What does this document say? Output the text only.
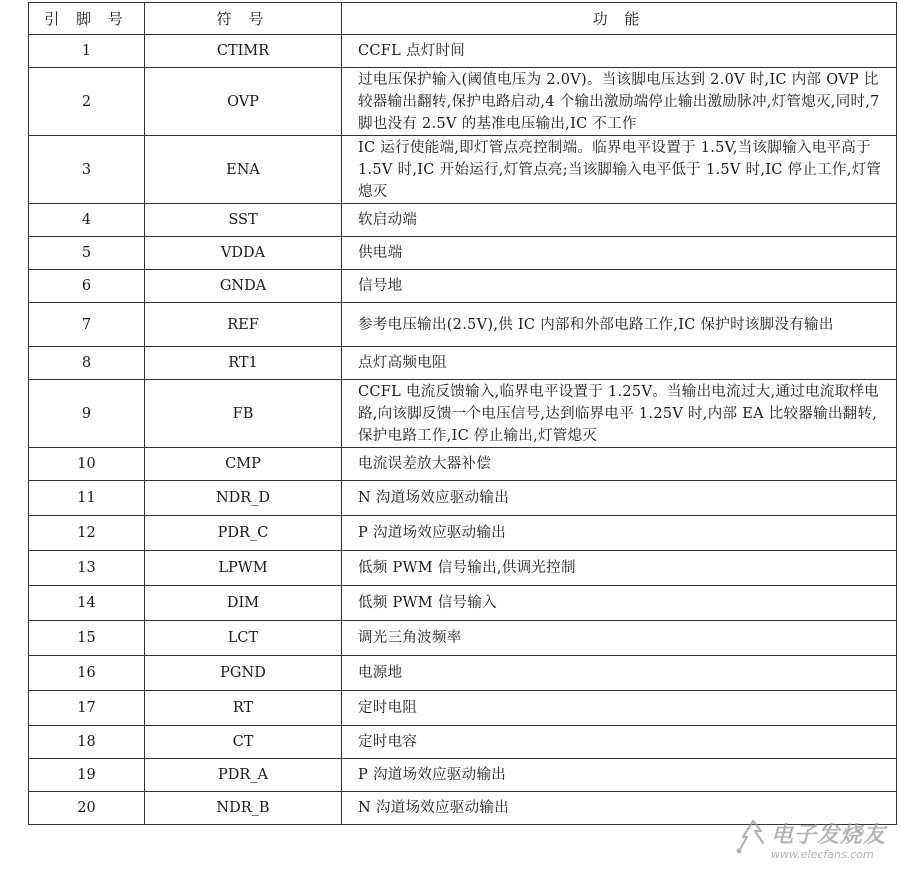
引 脚 号	符 号	功 能
1	CTIMR	CCFL 点灯时间
2	OVP	过电压保护输入(阈值电压为 2.0V)。当该脚电压达到 2.0V 时,IC 内部 OVP 比较器输出翻转,保护电路启动,4 个输出激励端停止输出激励脉冲,灯管熄灭,同时,7 脚也没有 2.5V 的基准电压输出,IC 不工作
3	ENA	IC 运行使能端,即灯管点亮控制端。临界电平设置于 1.5V,当该脚输入电平高于 1.5V 时,IC 开始运行,灯管点亮;当该脚输入电平低于 1.5V 时,IC 停止工作,灯管熄灭
4	SST	软启动端
5	VDDA	供电端
6	GNDA	信号地
7	REF	参考电压输出(2.5V),供 IC 内部和外部电路工作,IC 保护时该脚没有输出
8	RT1	点灯高频电阻
9	FB	CCFL 电流反馈输入,临界电平设置于 1.25V。当输出电流过大,通过电流取样电路,向该脚反馈一个电压信号,达到临界电平 1.25V 时,内部 EA 比较器输出翻转,保护电路工作,IC 停止输出,灯管熄灭
10	CMP	电流误差放大器补偿
11	NDR_D	N 沟道场效应驱动输出
12	PDR_C	P 沟道场效应驱动输出
13	LPWM	低频 PWM 信号输出,供调光控制
14	DIM	低频 PWM 信号输入
15	LCT	调光三角波频率
16	PGND	电源地
17	RT	定时电阻
18	CT	定时电容
19	PDR_A	P 沟道场效应驱动输出
20	NDR_B	N 沟道场效应驱动输出
电子发烧友
www.elecfans.com
